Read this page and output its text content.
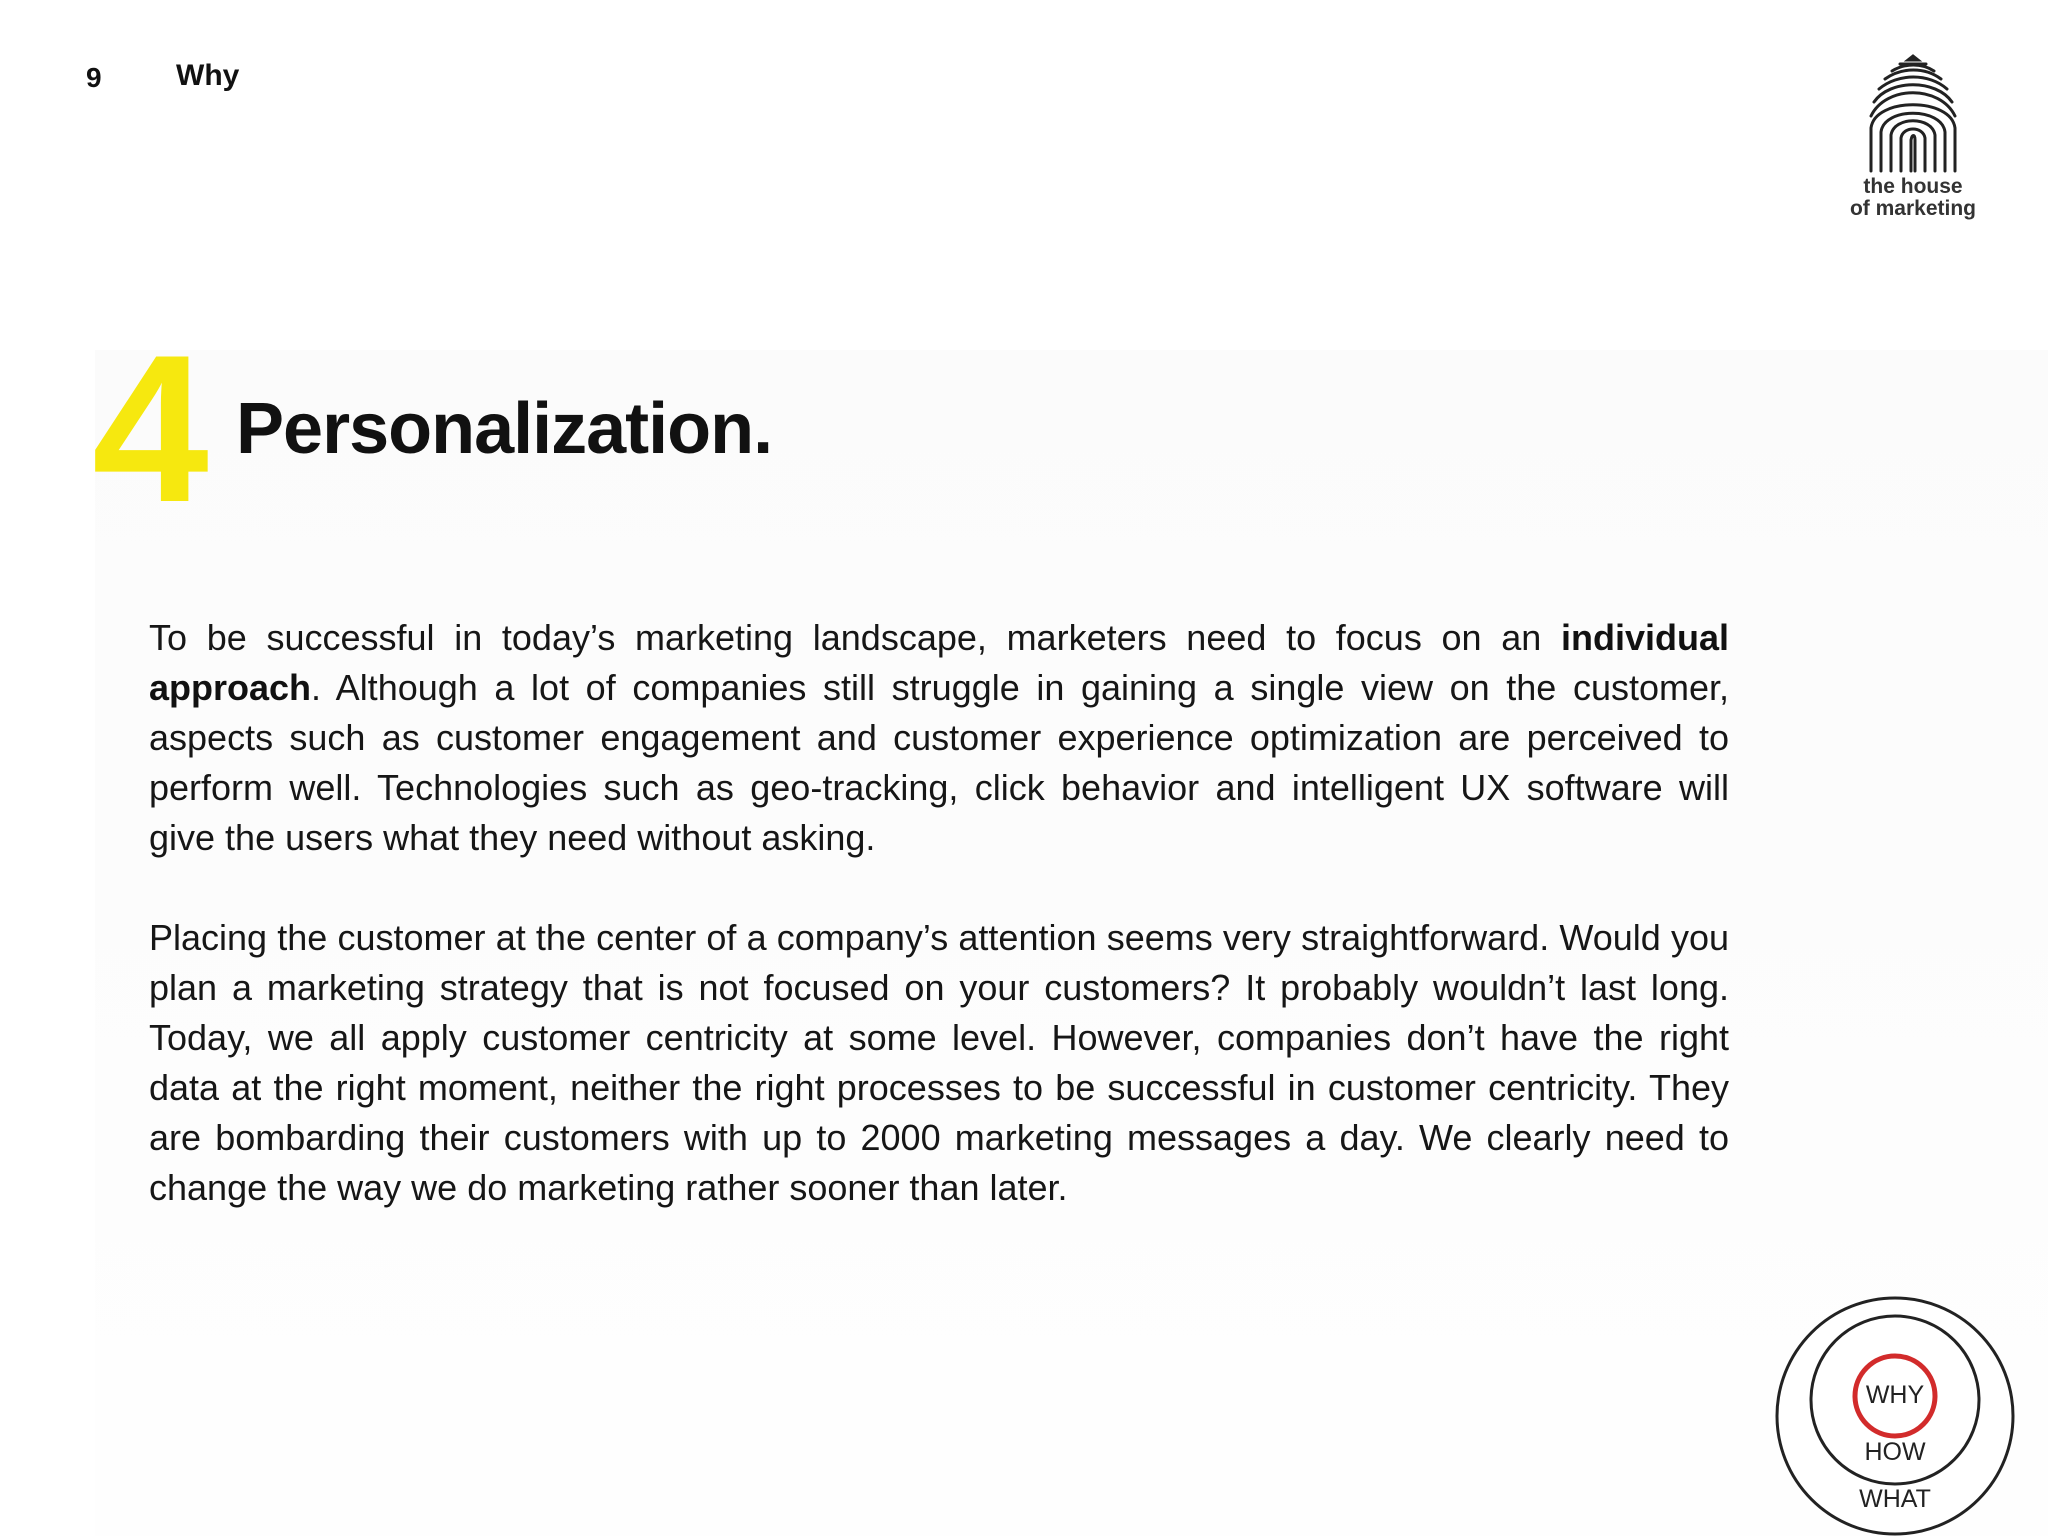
9 Why
the house
of marketing
4 Personalization.

To be successful in today’s marketing landscape, marketers need to focus on an individual approach. Although a lot of companies still struggle in gaining a single view on the customer, aspects such as customer engagement and customer experience optimization are perceived to perform well. Technologies such as geo-tracking, click behavior and intelligent UX software will give the users what they need without asking.

Placing the customer at the center of a company’s attention seems very straightforward. Would you plan a marketing strategy that is not focused on your customers? It probably wouldn’t last long. Today, we all apply customer centricity at some level. However, companies don’t have the right data at the right moment, neither the right processes to be successful in customer centricity. They are bombarding their customers with up to 2000 marketing messages a day. We clearly need to change the way we do marketing rather sooner than later.

WHY
HOW
WHAT
